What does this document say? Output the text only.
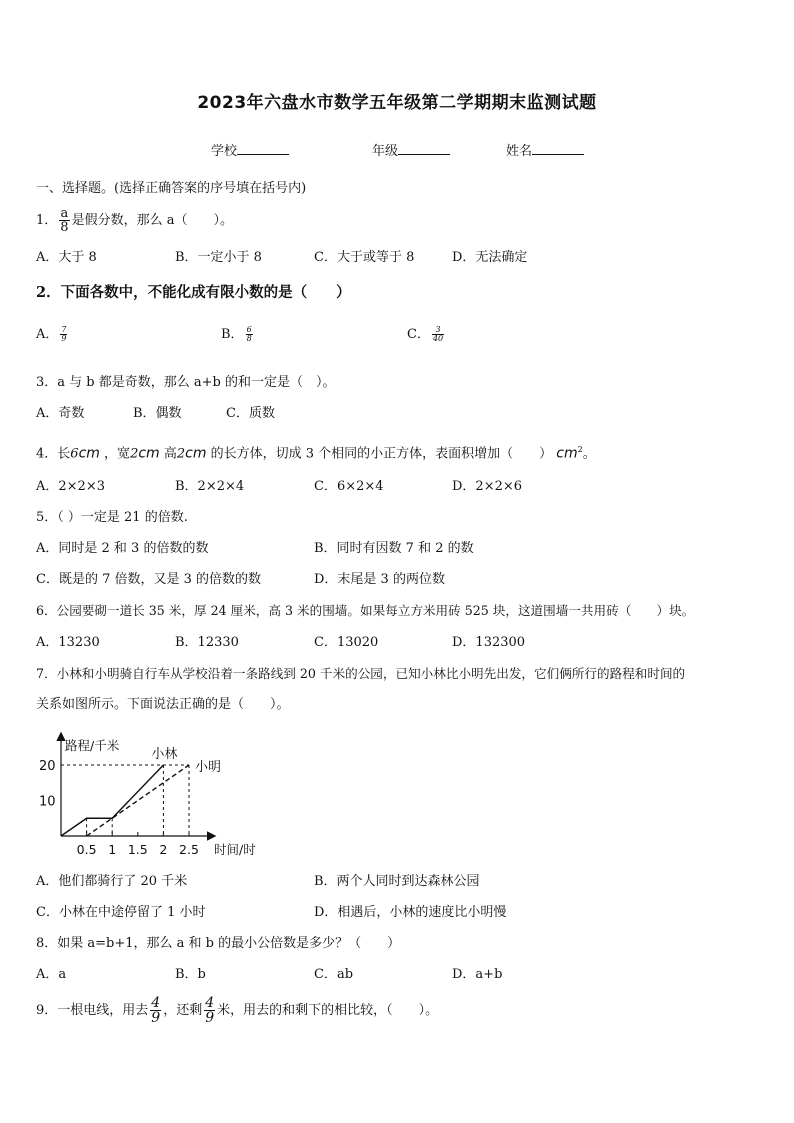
2023年六盘水市数学五年级第二学期期末监测试题
学校	年级	姓名
一、选择题。(选择正确答案的序号填在括号内)
1． $\frac{a}{8}$ 是假分数，那么 a（　　）。
A．大于 8	B．一定小于 8	C．大于或等于 8	D．无法确定
2．下面各数中，不能化成有限小数的是（　　）
A． $\frac{7}{9}$	B． $\frac{6}{8}$	C． $\frac{3}{40}$
3．a 与 b 都是奇数，那么 a+b 的和一定是（　）。
A．奇数	B．偶数	C．质数
4．长6cm ，宽2cm 高2cm 的长方体，切成 3 个相同的小正方体，表面积增加（　　） $cm^2$。
A．2×2×3	B．2×2×4	C．6×2×4	D．2×2×6
5．（ ）一定是 21 的倍数.
A．同时是 2 和 3 的倍数的数	B．同时有因数 7 和 2 的数
C．既是的 7 倍数，又是 3 的倍数的数	D．末尾是 3 的两位数
6．公园要砌一道长 35 米，厚 24 厘米，高 3 米的围墙。如果每立方米用砖 525 块，这道围墙一共用砖（　　）块。
A．13230	B．12330	C．13020	D．132300
7．小林和小明骑自行车从学校沿着一条路线到 20 千米的公园，已知小林比小明先出发，它们俩所行的路程和时间的
关系如图所示。下面说法正确的是（　　）。
路程/千米
时间/时
10
20
0.5 1 1.5 2 2.5
小林
小明
A．他们都骑行了 20 千米	B．两个人同时到达森林公园
C．小林在中途停留了 1 小时	D．相遇后，小林的速度比小明慢
8．如果 a=b+1，那么 a 和 b 的最小公倍数是多少？（　　）
A．a	B．b	C．ab	D．a+b
9．一根电线，用去 $\frac{4}{9}$ ，还剩 $\frac{4}{9}$ 米，用去的和剩下的相比较，（　　）。
